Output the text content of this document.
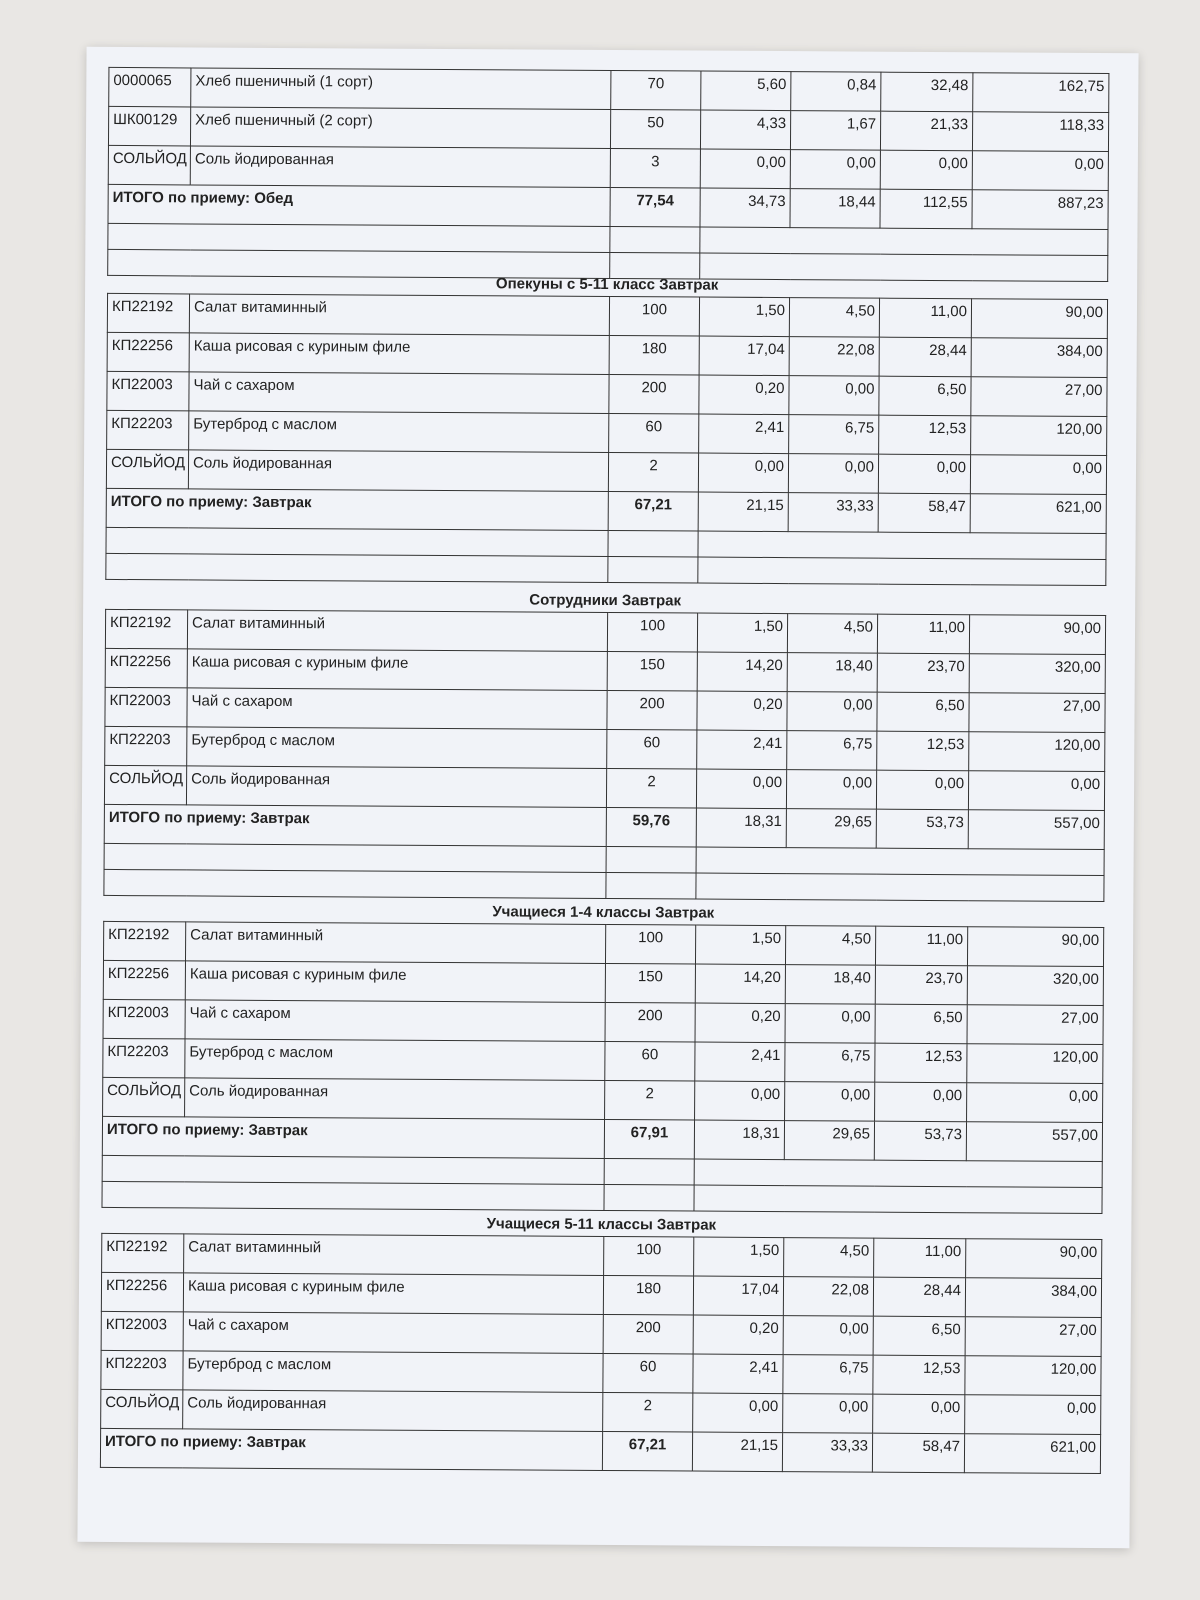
0000065	Хлеб пшеничный (1 сорт)	70	5,60	0,84	32,48	162,75
ШК00129	Хлеб пшеничный (2 сорт)	50	4,33	1,67	21,33	118,33
СОЛЬЙОД	Соль йодированная	3	0,00	0,00	0,00	0,00
ИТОГО по приему: Обед		77,54	34,73	18,44	112,55	887,23

Опекуны с 5-11 класс Завтрак
КП22192	Салат витаминный	100	1,50	4,50	11,00	90,00
КП22256	Каша рисовая с куриным филе	180	17,04	22,08	28,44	384,00
КП22003	Чай с сахаром	200	0,20	0,00	6,50	27,00
КП22203	Бутерброд с маслом	60	2,41	6,75	12,53	120,00
СОЛЬЙОД	Соль йодированная	2	0,00	0,00	0,00	0,00
ИТОГО по приему: Завтрак		67,21	21,15	33,33	58,47	621,00

Сотрудники Завтрак
КП22192	Салат витаминный	100	1,50	4,50	11,00	90,00
КП22256	Каша рисовая с куриным филе	150	14,20	18,40	23,70	320,00
КП22003	Чай с сахаром	200	0,20	0,00	6,50	27,00
КП22203	Бутерброд с маслом	60	2,41	6,75	12,53	120,00
СОЛЬЙОД	Соль йодированная	2	0,00	0,00	0,00	0,00
ИТОГО по приему: Завтрак		59,76	18,31	29,65	53,73	557,00

Учащиеся 1-4 классы Завтрак
КП22192	Салат витаминный	100	1,50	4,50	11,00	90,00
КП22256	Каша рисовая с куриным филе	150	14,20	18,40	23,70	320,00
КП22003	Чай с сахаром	200	0,20	0,00	6,50	27,00
КП22203	Бутерброд с маслом	60	2,41	6,75	12,53	120,00
СОЛЬЙОД	Соль йодированная	2	0,00	0,00	0,00	0,00
ИТОГО по приему: Завтрак		67,91	18,31	29,65	53,73	557,00

Учащиеся 5-11 классы Завтрак
КП22192	Салат витаминный	100	1,50	4,50	11,00	90,00
КП22256	Каша рисовая с куриным филе	180	17,04	22,08	28,44	384,00
КП22003	Чай с сахаром	200	0,20	0,00	6,50	27,00
КП22203	Бутерброд с маслом	60	2,41	6,75	12,53	120,00
СОЛЬЙОД	Соль йодированная	2	0,00	0,00	0,00	0,00
ИТОГО по приему: Завтрак		67,21	21,15	33,33	58,47	621,00
